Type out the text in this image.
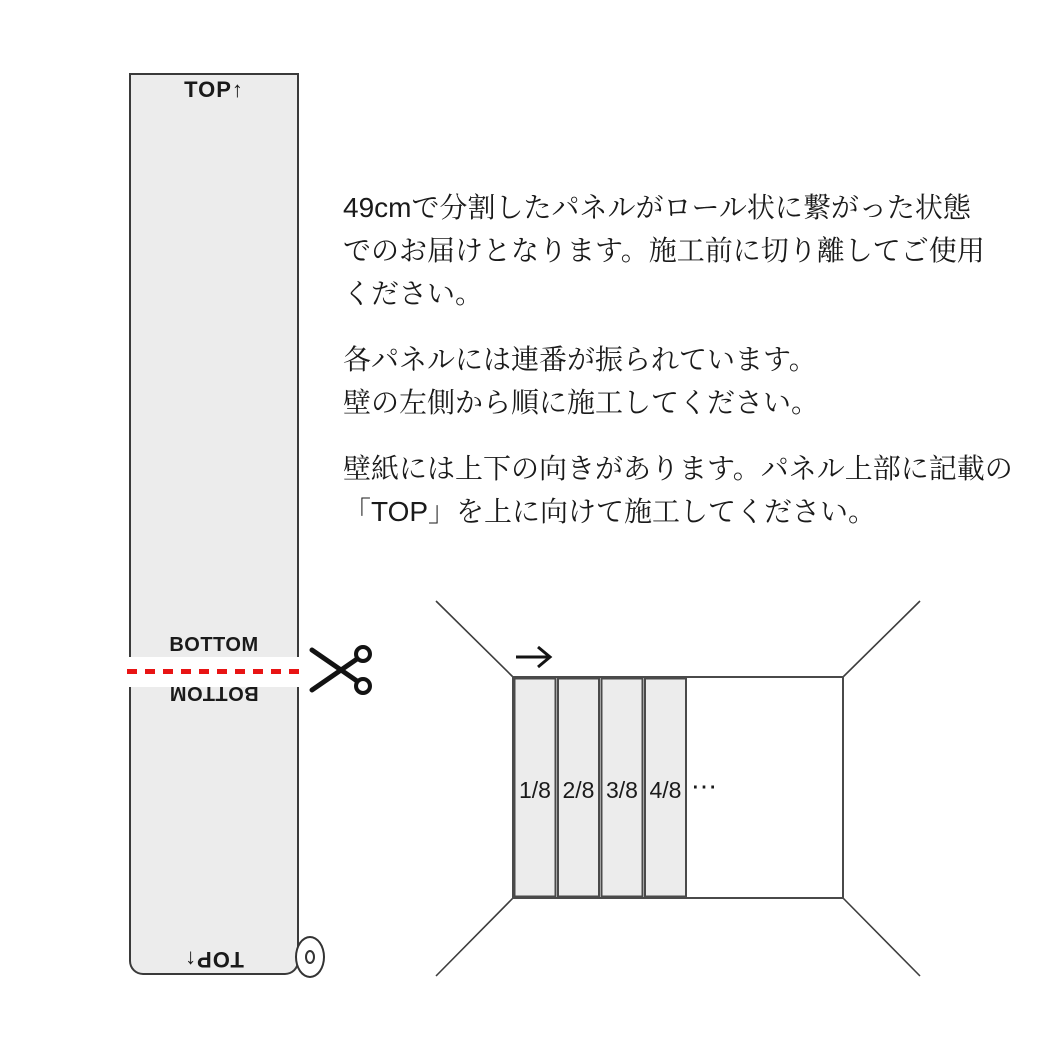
TOP↑
BOTTOM
BOTTOM
TOP↑
49cmで分割したパネルがロール状に繋がった状態
でのお届けとなります。施工前に切り離してご使用
ください。
各パネルには連番が振られています。
壁の左側から順に施工してください。
壁紙には上下の向きがあります。パネル上部に記載の
「TOP」を上に向けて施工してください。
1/8 2/8 3/8 4/8 ⋯
